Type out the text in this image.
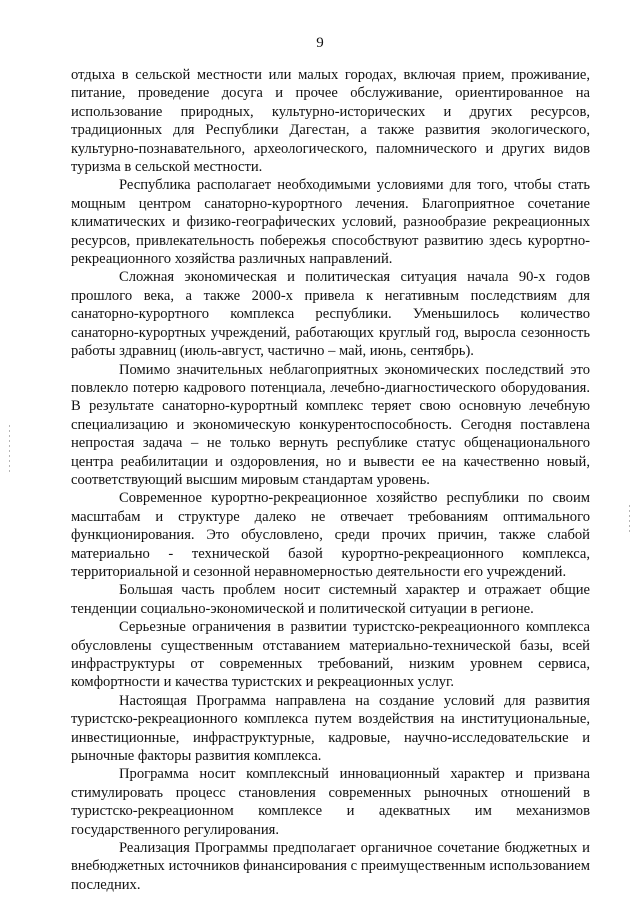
9

отдыха в сельской местности или малых городах, включая прием, проживание, питание, проведение досуга и прочее обслуживание, ориентированное на использование природных, культурно-исторических и других ресурсов, традиционных для Республики Дагестан, а также развития экологического, культурно-познавательного, археологического, паломнического и других видов туризма в сельской местности.

Республика располагает необходимыми условиями для того, чтобы стать мощным центром санаторно-курортного лечения. Благоприятное сочетание климатических и физико-географических условий, разнообразие рекреационных ресурсов, привлекательность побережья способствуют развитию здесь курортно-рекреационного хозяйства различных направлений.

Сложная экономическая и политическая ситуация начала 90-х годов прошлого века, а также 2000-х привела к негативным последствиям для санаторно-курортного комплекса республики. Уменьшилось количество санаторно-курортных учреждений, работающих круглый год, выросла сезонность работы здравниц (июль-август, частично – май, июнь, сентябрь).

Помимо значительных неблагоприятных экономических последствий это повлекло потерю кадрового потенциала, лечебно-диагностического оборудования. В результате санаторно-курортный комплекс теряет свою основную лечебную специализацию и экономическую конкурентоспособность. Сегодня поставлена непростая задача – не только вернуть республике статус общенационального центра реабилитации и оздоровления, но и вывести ее на качественно новый, соответствующий высшим мировым стандартам уровень.

Современное курортно-рекреационное хозяйство республики по своим масштабам и структуре далеко не отвечает требованиям оптимального функционирования. Это обусловлено, среди прочих причин, также слабой материально - технической базой курортно-рекреационного комплекса, территориальной и сезонной неравномерностью деятельности его учреждений.

Большая часть проблем носит системный характер и отражает общие тенденции социально-экономической и политической ситуации в регионе.

Серьезные ограничения в развитии туристско-рекреационного комплекса обусловлены существенным отставанием материально-технической базы, всей инфраструктуры от современных требований, низким уровнем сервиса, комфортности и качества туристских и рекреационных услуг.

Настоящая Программа направлена на создание условий для развития туристско-рекреационного комплекса путем воздействия на институциональные, инвестиционные, инфраструктурные, кадровые, научно-исследовательские и рыночные факторы развития комплекса.

Программа носит комплексный инновационный характер и призвана стимулировать процесс становления современных рыночных отношений в туристско-рекреационном комплексе и адекватных им механизмов государственного регулирования.

Реализация Программы предполагает органичное сочетание бюджетных и внебюджетных источников финансирования с преимущественным использованием последних.
